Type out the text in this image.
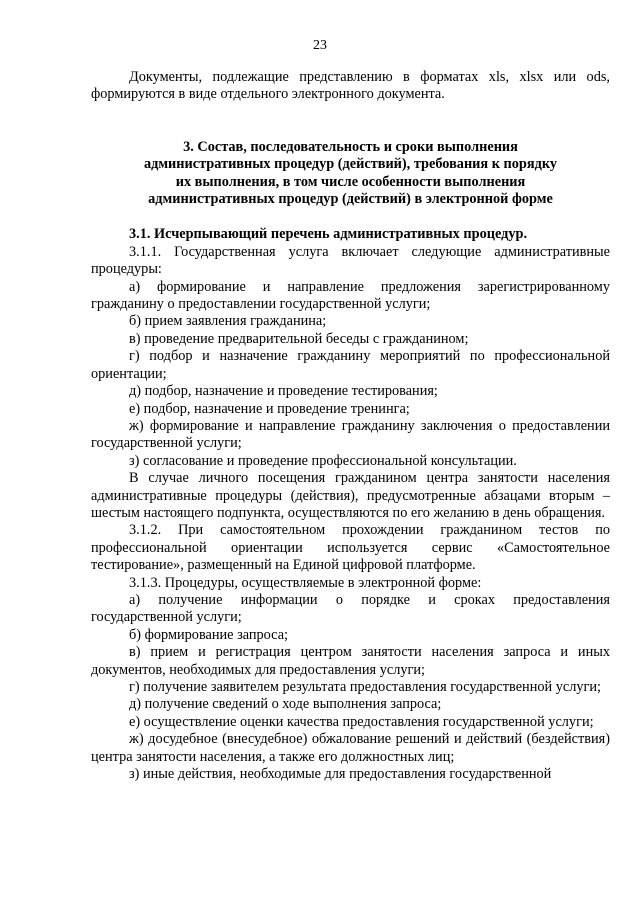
23

Документы, подлежащие представлению в форматах xls, xlsx или ods, формируются в виде отдельного электронного документа.

3. Состав, последовательность и сроки выполнения
административных процедур (действий), требования к порядку
их выполнения, в том числе особенности выполнения
административных процедур (действий) в электронной форме

3.1. Исчерпывающий перечень административных процедур.

3.1.1. Государственная услуга включает следующие административные процедуры:

а) формирование и направление предложения зарегистрированному гражданину о предоставлении государственной услуги;

б) прием заявления гражданина;

в) проведение предварительной беседы с гражданином;

г) подбор и назначение гражданину мероприятий по профессиональной ориентации;

д) подбор, назначение и проведение тестирования;

е) подбор, назначение и проведение тренинга;

ж) формирование и направление гражданину заключения о предоставлении государственной услуги;

з) согласование и проведение профессиональной консультации.

В случае личного посещения гражданином центра занятости населения административные процедуры (действия), предусмотренные абзацами вторым – шестым настоящего подпункта, осуществляются по его желанию в день обращения.

3.1.2. При самостоятельном прохождении гражданином тестов по профессиональной ориентации используется сервис «Самостоятельное тестирование», размещенный на Единой цифровой платформе.

3.1.3. Процедуры, осуществляемые в электронной форме:

а) получение информации о порядке и сроках предоставления государственной услуги;

б) формирование запроса;

в) прием и регистрация центром занятости населения запроса и иных документов, необходимых для предоставления услуги;

г) получение заявителем результата предоставления государственной услуги;

д) получение сведений о ходе выполнения запроса;

е) осуществление оценки качества предоставления государственной услуги;

ж) досудебное (внесудебное) обжалование решений и действий (бездействия) центра занятости населения, а также его должностных лиц;

з) иные действия, необходимые для предоставления государственной
